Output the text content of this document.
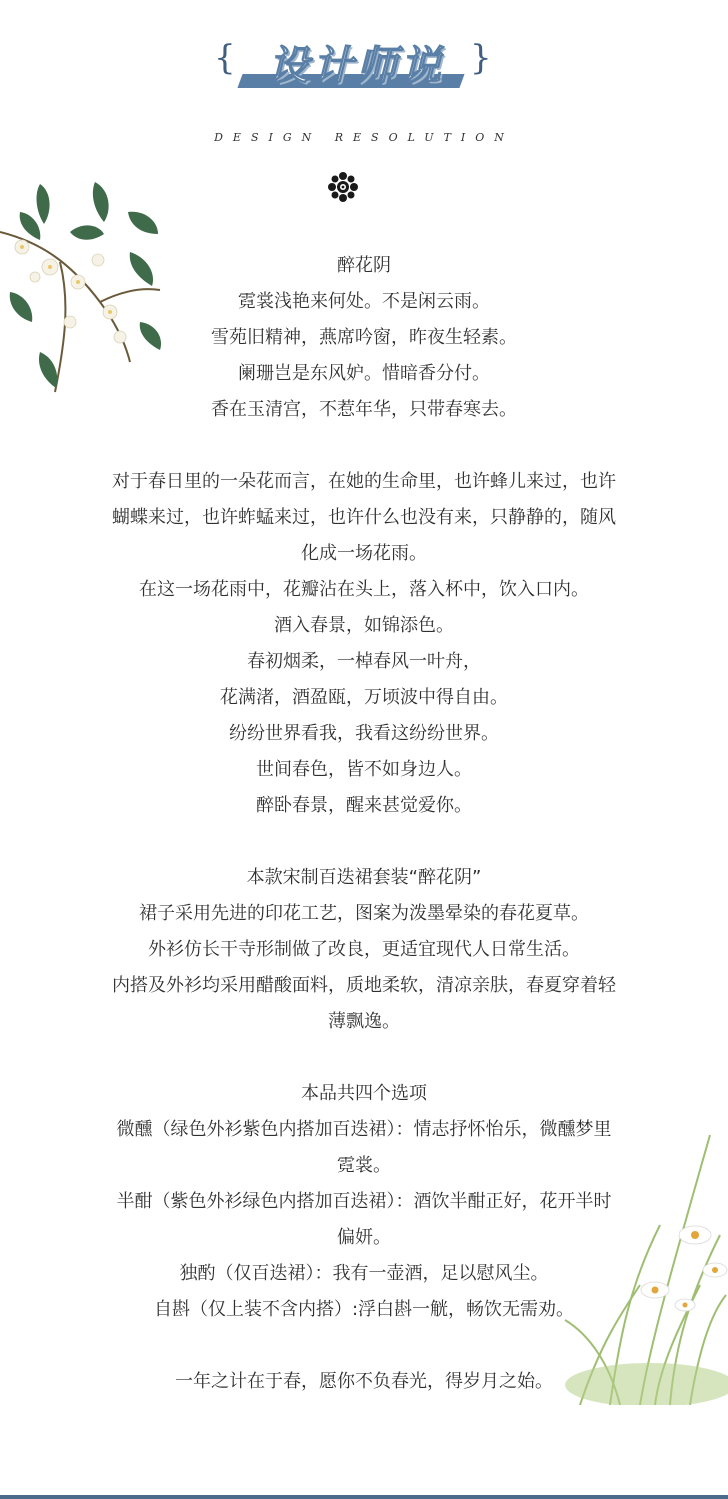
{ 设计师说 }
DESIGN RESOLUTION
醉花阴
霓裳浅艳来何处。不是闲云雨。
雪苑旧精神，燕席吟窗，昨夜生轻素。
阑珊岂是东风妒。惜暗香分付。
香在玉清宫，不惹年华，只带春寒去。
对于春日里的一朵花而言，在她的生命里，也许蜂儿来过，也许
蝴蝶来过，也许蚱蜢来过，也许什么也没有来，只静静的，随风
化成一场花雨。
在这一场花雨中，花瓣沾在头上，落入杯中，饮入口内。
酒入春景，如锦添色。
春初烟柔，一棹春风一叶舟，
花满渚，酒盈瓯，万顷波中得自由。
纷纷世界看我，我看这纷纷世界。
世间春色，皆不如身边人。
醉卧春景，醒来甚觉爱你。
本款宋制百迭裙套装“醉花阴”
裙子采用先进的印花工艺，图案为泼墨晕染的春花夏草。
外衫仿长干寺形制做了改良，更适宜现代人日常生活。
内搭及外衫均采用醋酸面料，质地柔软，清凉亲肤，春夏穿着轻
薄飘逸。
本品共四个选项
微醺（绿色外衫紫色内搭加百迭裙）：情志抒怀怡乐，微醺梦里
霓裳。
半酣（紫色外衫绿色内搭加百迭裙）：酒饮半酣正好，花开半时
偏妍。
独酌（仅百迭裙）：我有一壶酒，足以慰风尘。
自斟（仅上装不含内搭）:浮白斟一觥，畅饮无需劝。
一年之计在于春，愿你不负春光，得岁月之始。
